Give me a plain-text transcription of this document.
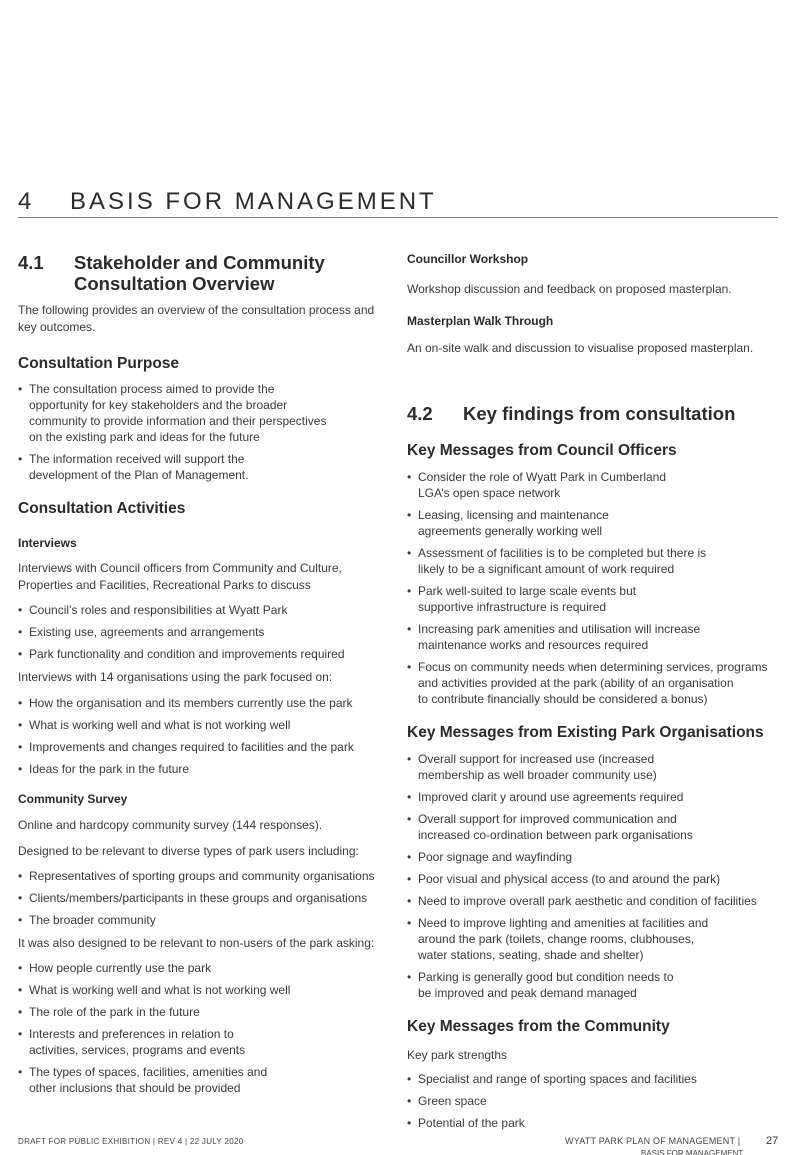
4 BASIS FOR MANAGEMENT
4.1	Stakeholder and Community
Consultation Overview

The following provides an overview of the consultation process and key outcomes.

Consultation Purpose
• The consultation process aimed to provide the
opportunity for key stakeholders and the broader
community to provide information and their perspectives
on the existing park and ideas for the future
• The information received will support the
development of the Plan of Management.
Consultation Activities
Interviews

Interviews with Council officers from Community and Culture, Properties and Facilities, Recreational Parks to discuss

• Council’s roles and responsibilities at Wyatt Park
• Existing use, agreements and arrangements
• Park functionality and condition and improvements required

Interviews with 14 organisations using the park focused on:

• How the organisation and its members currently use the park
• What is working well and what is not working well
• Improvements and changes required to facilities and the park
• Ideas for the park in the future
Community Survey

Online and hardcopy community survey (144 responses).

Designed to be relevant to diverse types of park users including:

• Representatives of sporting groups and community organisations
• Clients/members/participants in these groups and organisations
• The broader community

It was also designed to be relevant to non-users of the park asking:

• How people currently use the park
• What is working well and what is not working well
• The role of the park in the future
• Interests and preferences in relation to
activities, services, programs and events
• The types of spaces, facilities, amenities and
other inclusions that should be provided
Councillor Workshop

Workshop discussion and feedback on proposed masterplan.

Masterplan Walk Through

An on-site walk and discussion to visualise proposed masterplan.

4.2	Key findings from consultation
Key Messages from Council Officers
• Consider the role of Wyatt Park in Cumberland
LGA’s open space network
• Leasing, licensing and maintenance
agreements generally working well
• Assessment of facilities is to be completed but there is
likely to be a significant amount of work required
• Park well-suited to large scale events but
supportive infrastructure is required
• Increasing park amenities and utilisation will increase
maintenance works and resources required
• Focus on community needs when determining services, programs
and activities provided at the park (ability of an organisation
to contribute financially should be considered a bonus)
Key Messages from Existing Park Organisations
• Overall support for increased use (increased
membership as well broader community use)
• Improved clarit y around use agreements required
• Overall support for improved communication and
increased co-ordination between park organisations
• Poor signage and wayfinding
• Poor visual and physical access (to and around the park)
• Need to improve overall park aesthetic and condition of facilities
• Need to improve lighting and amenities at facilities and
around the park (toilets, change rooms, clubhouses,
water stations, seating, shade and shelter)
• Parking is generally good but condition needs to
be improved and peak demand managed
Key Messages from the Community

Key park strengths

• Specialist and range of sporting spaces and facilities
• Green space
• Potential of the park
DRAFT FOR PUBLIC EXHIBITION | REV 4 | 22 JULY 2020	WYATT PARK PLAN OF MANAGEMENT |
BASIS FOR MANAGEMENT
27
